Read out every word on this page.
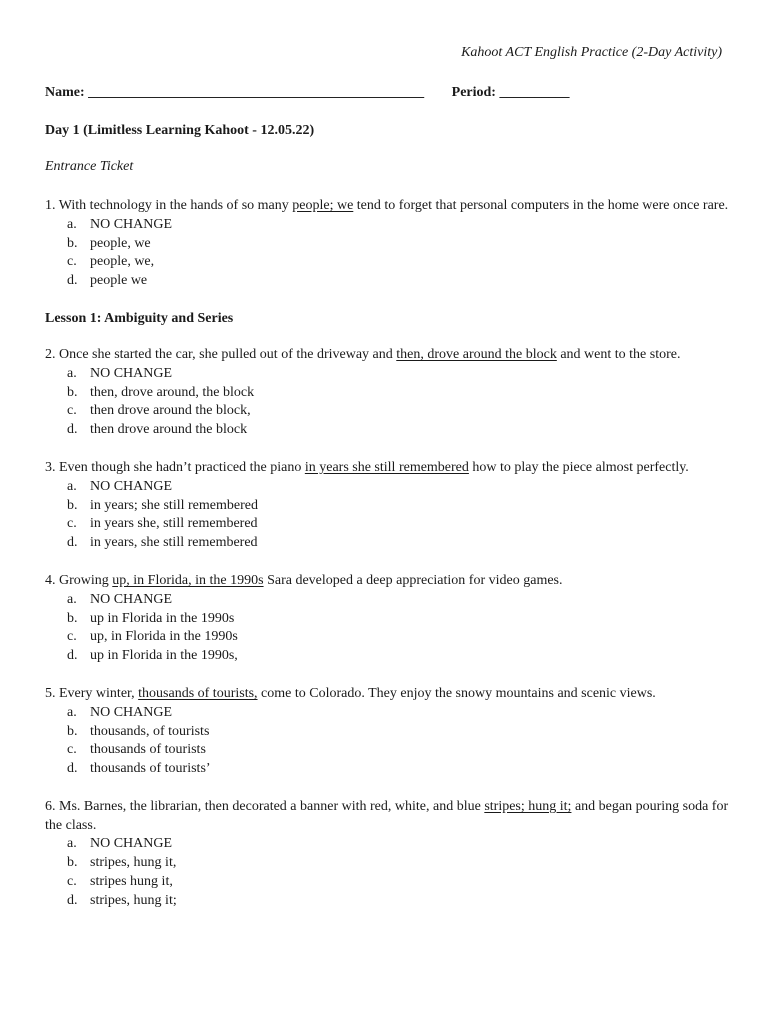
Kahoot ACT English Practice (2-Day Activity)
Name: ________________________________________________ Period: __________
Day 1 (Limitless Learning Kahoot - 12.05.22)
Entrance Ticket
1. With technology in the hands of so many people; we tend to forget that personal computers in the home were once rare.
a. NO CHANGE
b. people, we
c. people, we,
d. people we
Lesson 1: Ambiguity and Series
2. Once she started the car, she pulled out of the driveway and then, drove around the block and went to the store.
a. NO CHANGE
b. then, drove around, the block
c. then drove around the block,
d. then drove around the block
3. Even though she hadn’t practiced the piano in years she still remembered how to play the piece almost perfectly.
a. NO CHANGE
b. in years; she still remembered
c. in years she, still remembered
d. in years, she still remembered
4. Growing up, in Florida, in the 1990s Sara developed a deep appreciation for video games.
a. NO CHANGE
b. up in Florida in the 1990s
c. up, in Florida in the 1990s
d. up in Florida in the 1990s,
5. Every winter, thousands of tourists, come to Colorado. They enjoy the snowy mountains and scenic views.
a. NO CHANGE
b. thousands, of tourists
c. thousands of tourists
d. thousands of tourists’
6. Ms. Barnes, the librarian, then decorated a banner with red, white, and blue stripes; hung it; and began pouring soda for the class.
a. NO CHANGE
b. stripes, hung it,
c. stripes hung it,
d. stripes, hung it;
